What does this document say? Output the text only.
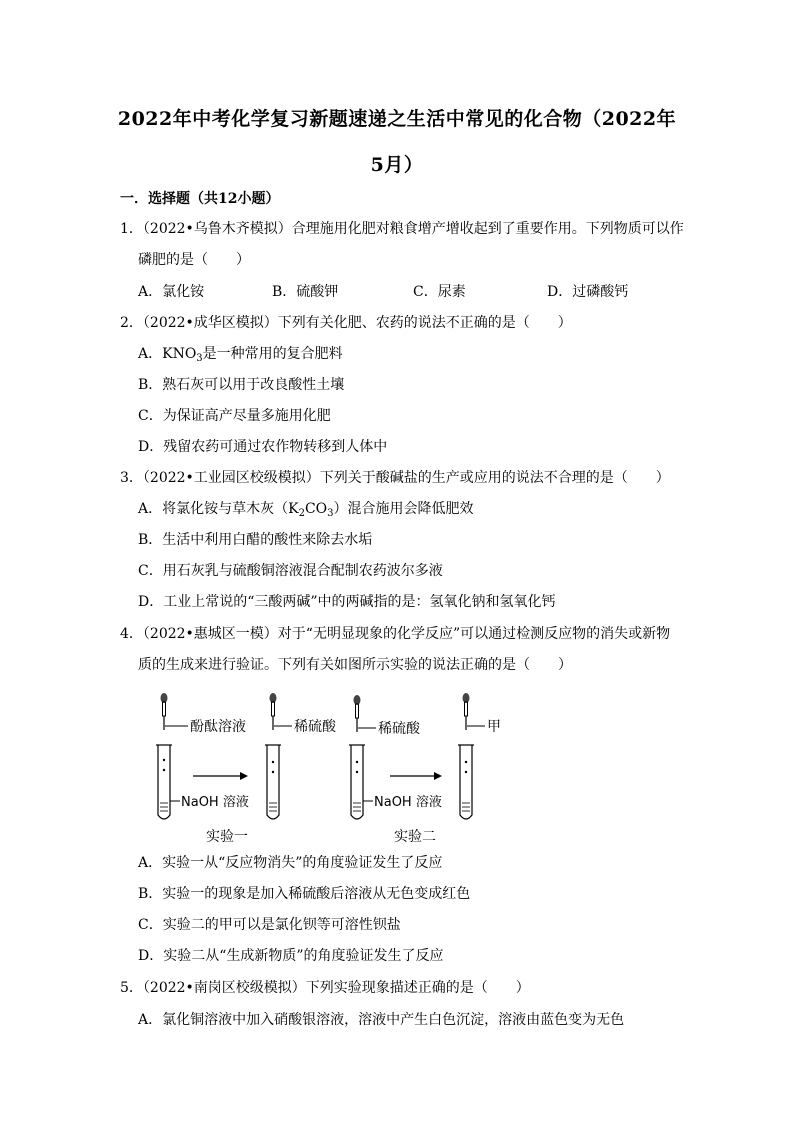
2022年中考化学复习新题速递之生活中常见的化合物（2022年
5月）
一．选择题（共12小题）
1．（2022•乌鲁木齐模拟）合理施用化肥对粮食增产增收起到了重要作用。下列物质可以作
磷肥的是（　　）
A．氯化铵	B．硫酸钾	C．尿素	D．过磷酸钙
2．（2022•成华区模拟）下列有关化肥、农药的说法不正确的是（　　）
A．$KNO_3$是一种常用的复合肥料
B．熟石灰可以用于改良酸性土壤
C．为保证高产尽量多施用化肥
D．残留农药可通过农作物转移到人体中
3．（2022•工业园区校级模拟）下列关于酸碱盐的生产或应用的说法不合理的是（　　）
A．将氯化铵与草木灰$(K_2CO_3)$混合施用会降低肥效
B．生活中利用白醋的酸性来除去水垢
C．用石灰乳与硫酸铜溶液混合配制农药波尔多液
D．工业上常说的“三酸两碱”中的两碱指的是：氢氧化钠和氢氧化钙
4．（2022•惠城区一模）对于“无明显现象的化学反应”可以通过检测反应物的消失或新物
质的生成来进行验证。下列有关如图所示实验的说法正确的是（　　）
酚酞溶液	稀硫酸	稀硫酸	甲
NaOH 溶液	NaOH 溶液
实验一	实验二
A．实验一从“反应物消失”的角度验证发生了反应
B．实验一的现象是加入稀硫酸后溶液从无色变成红色
C．实验二的甲可以是氯化钡等可溶性钡盐
D．实验二从“生成新物质”的角度验证发生了反应
5．（2022•南岗区校级模拟）下列实验现象描述正确的是（　　）
A．氯化铜溶液中加入硝酸银溶液，溶液中产生白色沉淀，溶液由蓝色变为无色
